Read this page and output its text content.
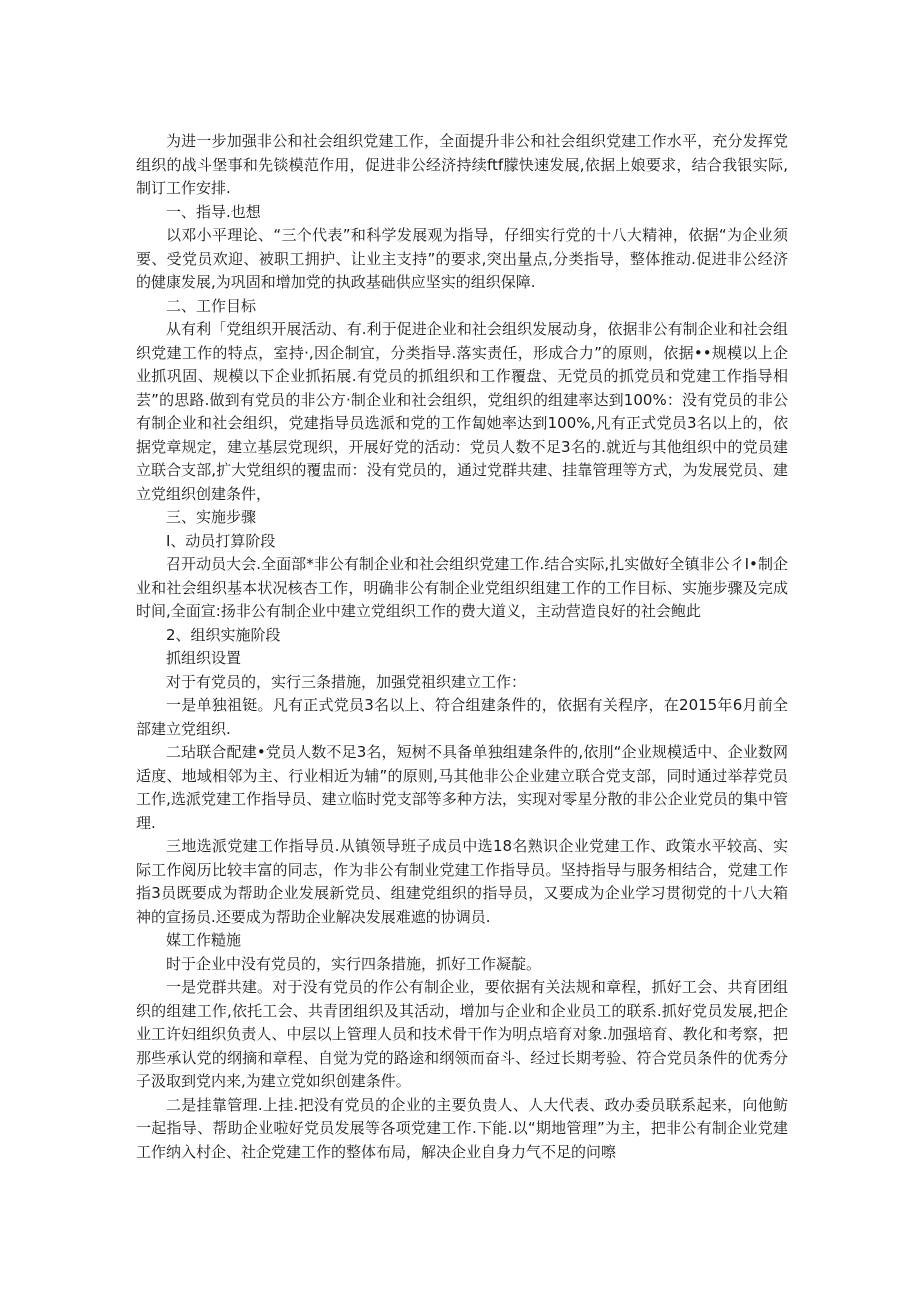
为进一步加强非公和社会组织党建工作，全面提升非公和社会组织党建工作水平，充分发挥党组织的战斗堡事和先锬模范作用，促进非公经济持续ftf朦快速发展,依据上娘要求，结合我银实际,制订工作安排.

一、指导.也想

以邓小平理论、“三个代表”和科学发展观为指导，仔细实行党的十八大精神，依据“为企业须要、受党员欢迎、被职工拥护、让业主支持”的要求,突出量点,分类指导，整体推动.促进非公经济的健康发展,为巩固和增加党的执政基础供应坚实的组织保障.

二、工作目标

从有利「党组织开展活动、有.利于促进企业和社会组织发展动身，依据非公有制企业和社会组织党建工作的特点，室持·,因企制宜，分类指导.落实责任，形成合力”的原则，依据••规模以上企业抓巩固、规模以下企业抓拓展.有党员的抓组织和工作覆盘、无党员的抓党员和党建工作指导相芸”的思路.做到有党员的非公方·制企业和社会组织，党组织的组建率达到100%：没有党员的非公有制企业和社会组织，党建指导员选派和党的工作匐她率达到100%,凡有正式党员3名以上的，依据党章规定，建立基层党现织，开展好党的活动：党员人数不足3名的.就近与其他组织中的党员建立联合支部,扩大党组织的覆盅而：没有党员的，通过党群共建、挂靠管理等方式，为发展党员、建立党组织创建条件，

三、实施步骤

I、动员打算阶段

召开动员大会.全面部*非公有制企业和社会组织党建工作.结合实际,扎实做好全镇非公彳I•制企业和社会组织基本状况核杏工作，明确非公有制企业党组织组建工作的工作目标、实施步骤及完成时间,全面宣:扬非公有制企业中建立党组织工作的费大道义，主动营造良好的社会鲍此

2、组织实施阶段

抓组织设置

对于有党员的，实行三条措施，加强党祖织建立工作：

一是单独祖铤。凡有正式党员3名以上、符合组建条件的，依据有关程序，在2015年6月前全部建立党组织.

二玷联合配建•党员人数不足3名，短树不具备单独组建条件的,依刖“企业规模适中、企业数网适度、地域相邻为主、行业相近为辅”的原则,马其他非公企业建立联合党支部，同时通过举荐党员工作,选派党建工作指导员、建立临时党支部等多种方法，实现对零星分散的非公企业党员的集中管理.

三地选派党建工作指导员.从镇领导班子成员中选18名熟识企业党建工作、政策水平较高、实际工作阅历比较丰富的同志，作为非公有制业党建工作指导员。坚持指导与服务相结合，党建工作指3员既要成为帮助企业发展新党员、组建党组织的指导员，又要成为企业学习贯彻党的十八大箱神的宣扬员.还要成为帮助企业解决发展难遮的协调员.

媒工作糙施

时于企业中没有党员的，实行四条措施，抓好工作凝靛。

一是党群共建。对于没有党员的作公有制企业，要依据有关法规和章程，抓好工会、共育团组织的组建工作,依托工会、共青团组织及其活动，增加与企业和企业员工的联系.抓好党员发展,把企业工许妇组织负责人、中层以上管理人员和技术骨干作为明点培育对象.加强培育、教化和考察，把那些承认党的纲摘和章程、自觉为党的路途和纲领而奋斗、经过长期考验、符合党员条件的优秀分子汲取到党内来,为建立党如织创建条件。

二是挂靠管理.上挂.把没有党员的企业的主要负贵人、人大代表、政办委员联系起来，向他鲂一起指导、帮助企业啦好党员发展等各项党建工作.下能.以“期地管理”为主，把非公有制企业党建工作纳入村企、社企党建工作的整体布局，解决企业自身力气不足的问嚓
